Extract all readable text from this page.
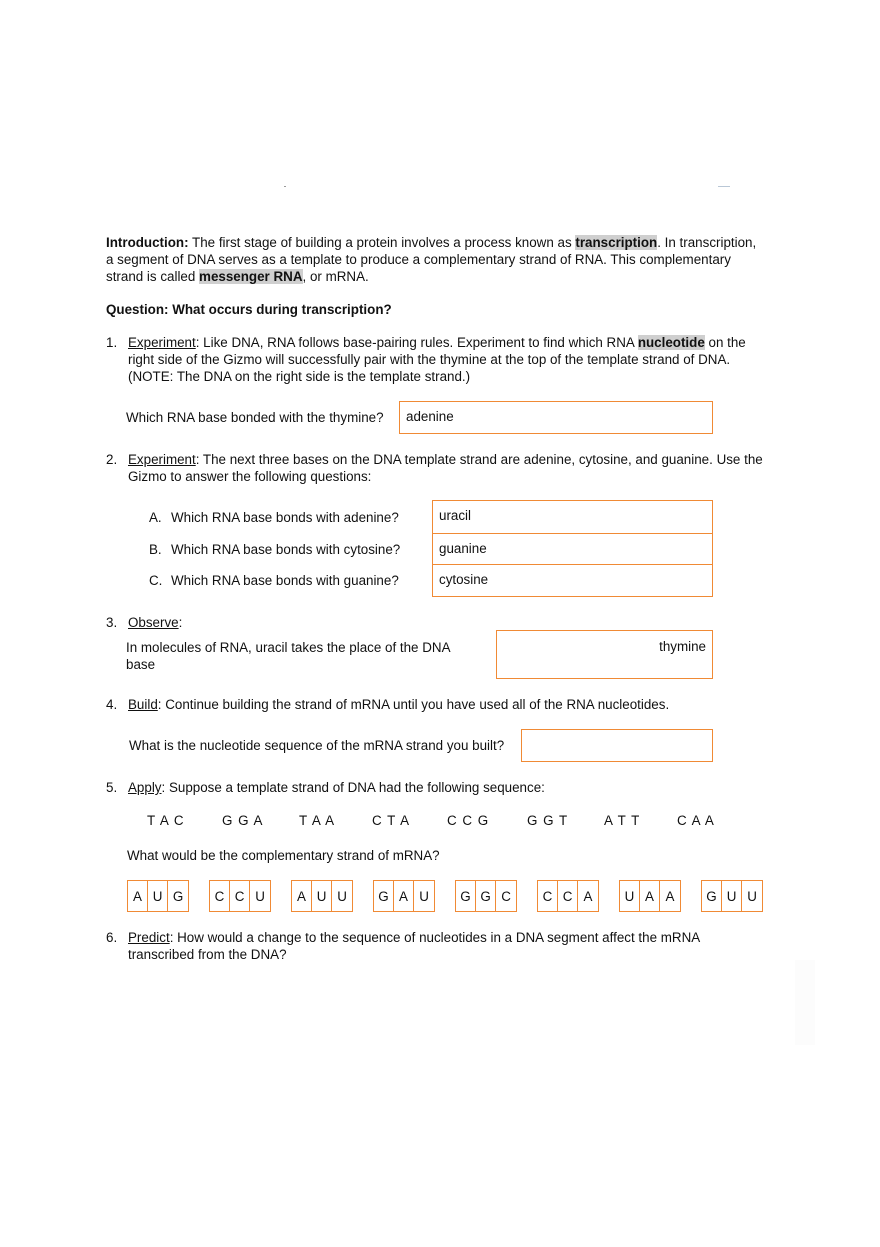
Introduction: The first stage of building a protein involves a process known as transcription. In transcription,
a segment of DNA serves as a template to produce a complementary strand of RNA. This complementary
strand is called messenger RNA, or mRNA.
Question: What occurs during transcription?
1. Experiment: Like DNA, RNA follows base-pairing rules. Experiment to find which RNA nucleotide on the
right side of the Gizmo will successfully pair with the thymine at the top of the template strand of DNA.
(NOTE: The DNA on the right side is the template strand.)
Which RNA base bonded with the thymine?	adenine
2. Experiment: The next three bases on the DNA template strand are adenine, cytosine, and guanine. Use the
Gizmo to answer the following questions:
A. Which RNA base bonds with adenine?	uracil
B. Which RNA base bonds with cytosine?	guanine
C. Which RNA base bonds with guanine?	cytosine
3. Observe:
In molecules of RNA, uracil takes the place of the DNA
base
thymine
4. Build: Continue building the strand of mRNA until you have used all of the RNA nucleotides.
What is the nucleotide sequence of the mRNA strand you built?
5. Apply: Suppose a template strand of DNA had the following sequence:
T A C	G G A	T A A	C T A	C C G	G G T	A T T	C A A
What would be the complementary strand of mRNA?
A U G	C C U	A U U	G A U	G G C	C C A	U A A	G U U
6. Predict: How would a change to the sequence of nucleotides in a DNA segment affect the mRNA
transcribed from the DNA?
